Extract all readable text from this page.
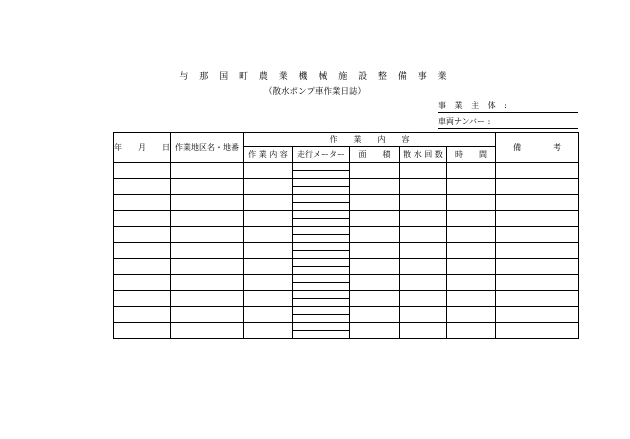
与 那 国 町 農 業 機 械 施 設 整 備 事 業
（散水ポンプ車作業日誌）
事 業 主 体 :
車両ナンバー :
年　　月　　日	作業地区名・地番	作　　業　　内　　容					備　　　　考
		作 業 内 容	走行メーター	面　　積	散 水 回 数	時　　間	
